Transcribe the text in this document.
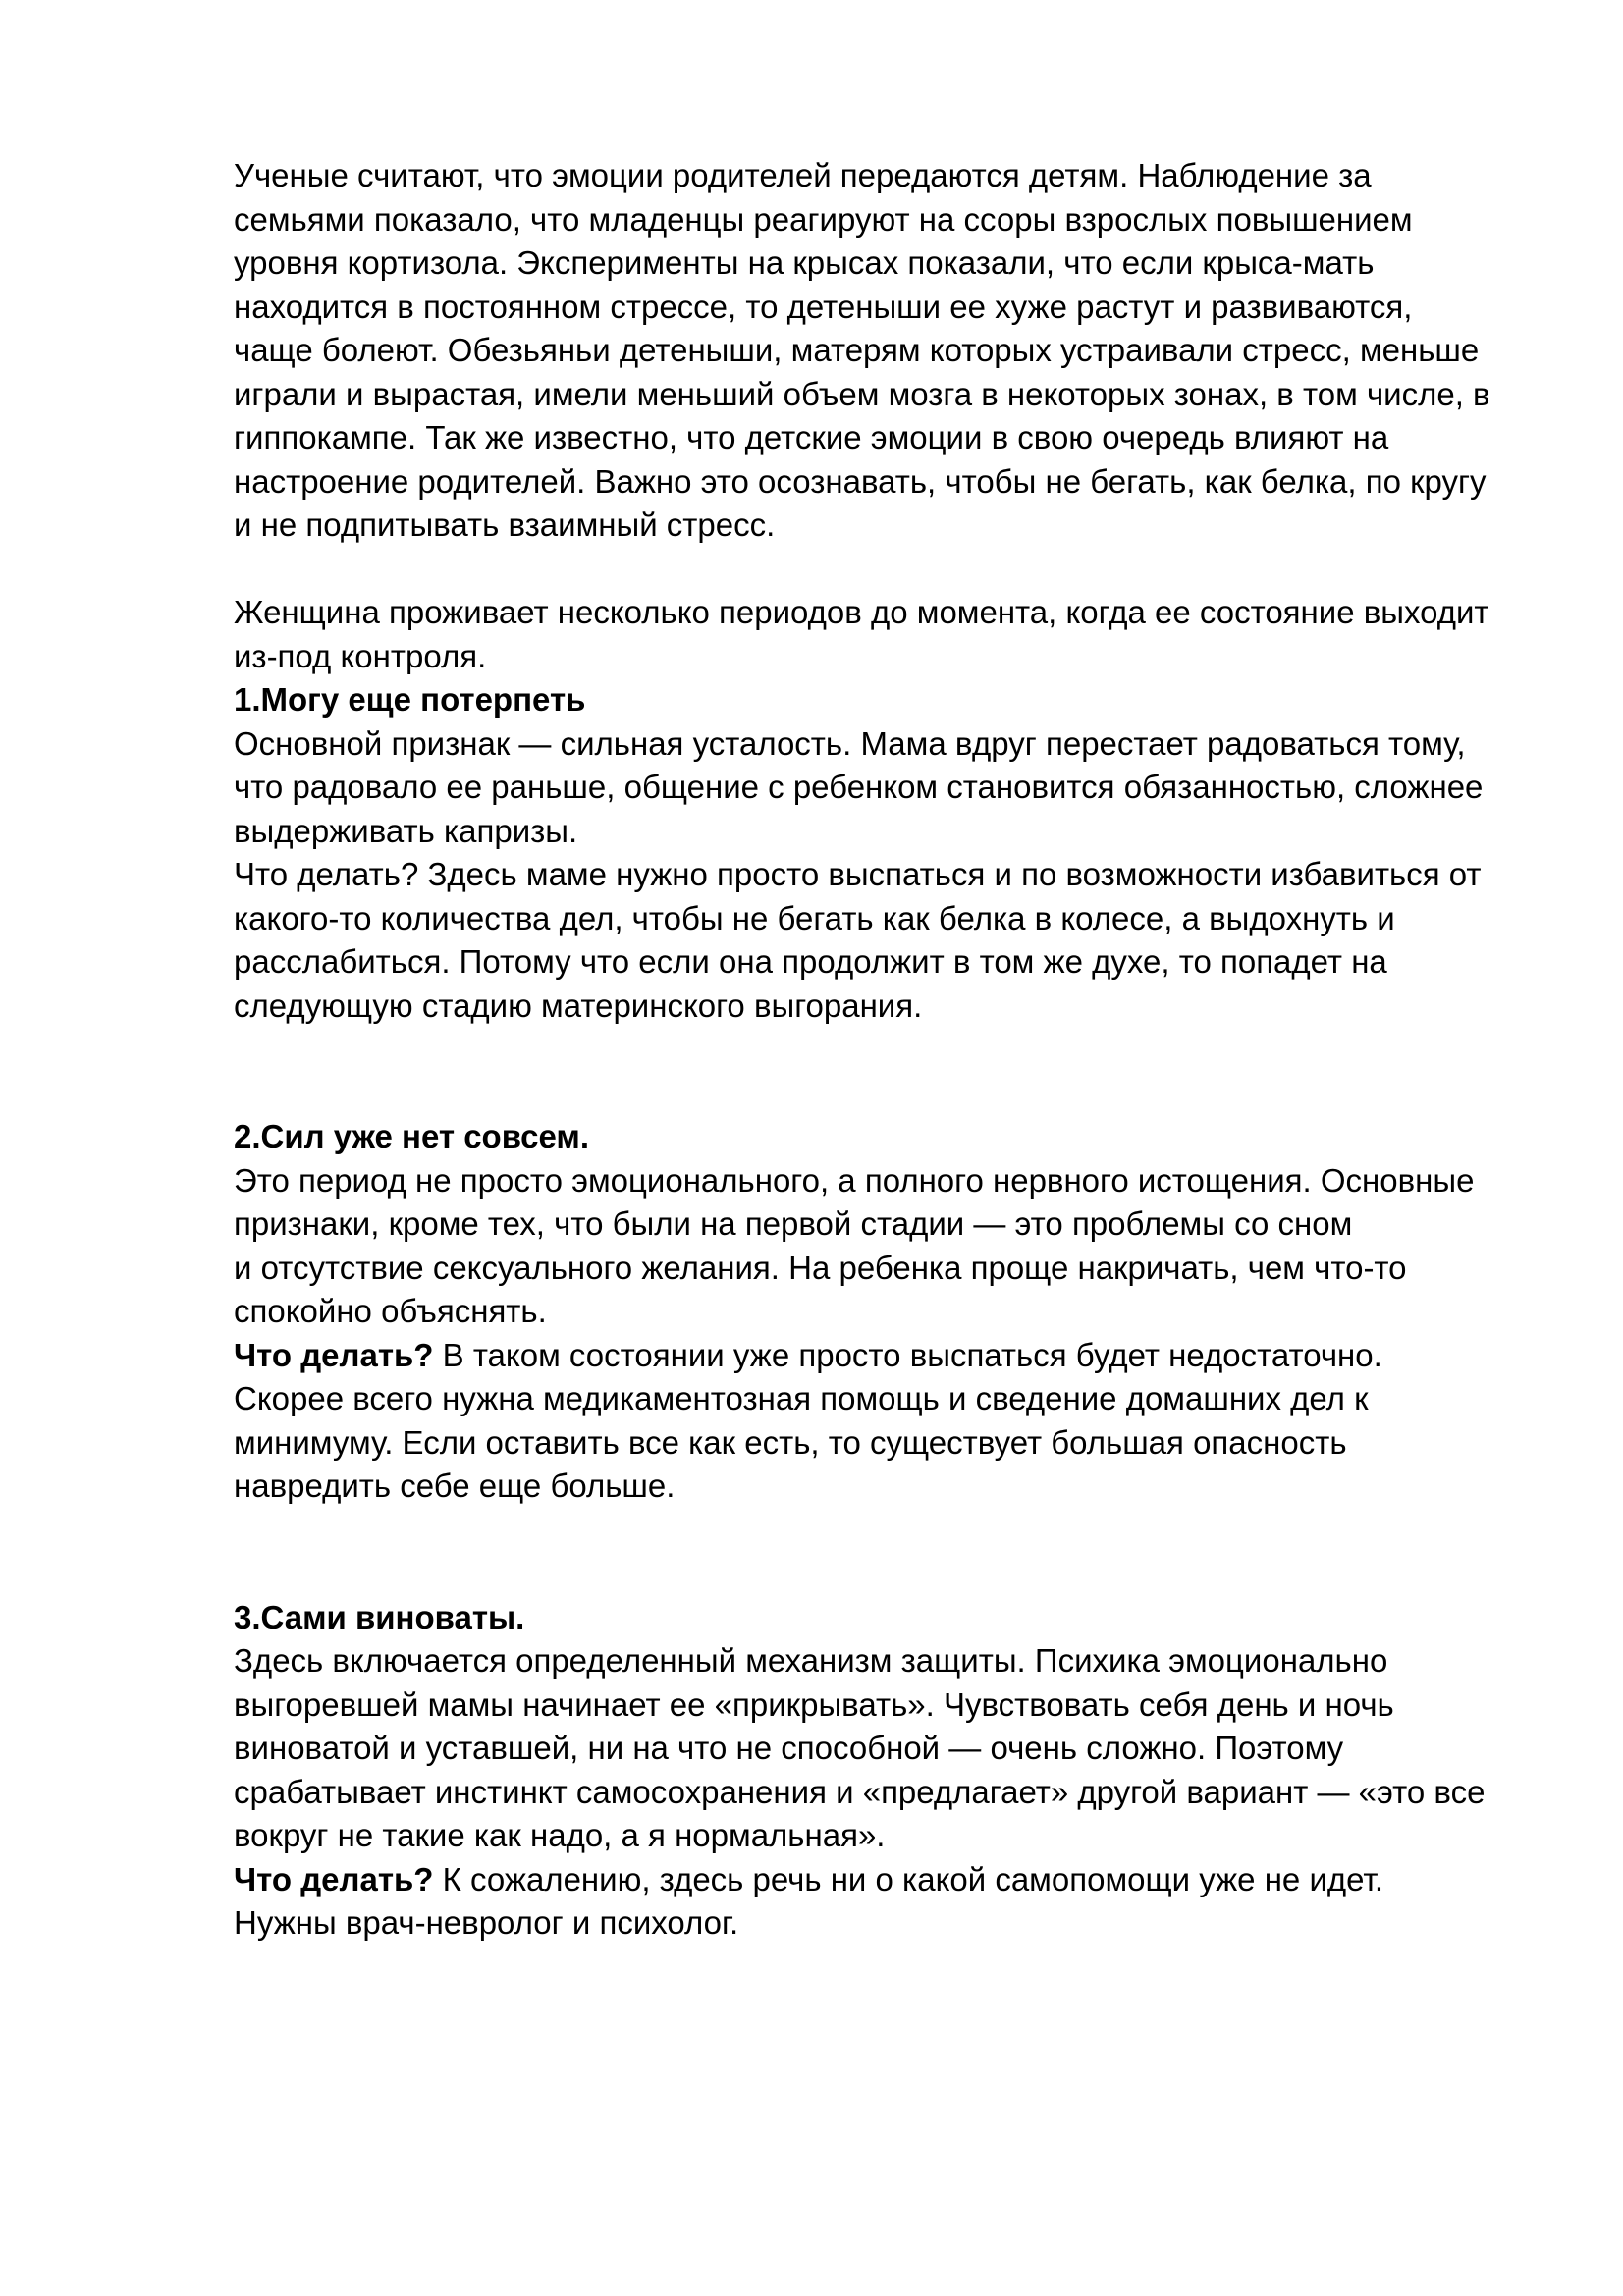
Ученые считают, что эмоции родителей передаются детям. Наблюдение за
семьями показало, что младенцы реагируют на ссоры взрослых повышением
уровня кортизола. Эксперименты на крысах показали, что если крыса-мать
находится в постоянном стрессе, то детеныши ее хуже растут и развиваются,
чаще болеют. Обезьяньи детеныши, матерям которых устраивали стресс, меньше
играли и вырастая, имели меньший объем мозга в некоторых зонах, в том числе, в
гиппокампе. Так же известно, что детские эмоции в свою очередь влияют на
настроение родителей. Важно это осознавать, чтобы не бегать, как белка, по кругу
и не подпитывать взаимный стресс.
Женщина проживает несколько периодов до момента, когда ее состояние выходит
из-под контроля.
1.Могу еще потерпеть
Основной признак — сильная усталость. Мама вдруг перестает радоваться тому,
что радовало ее раньше, общение с ребенком становится обязанностью, сложнее
выдерживать капризы.
Что делать? Здесь маме нужно просто выспаться и по возможности избавиться от
какого-то количества дел, чтобы не бегать как белка в колесе, а выдохнуть и
расслабиться. Потому что если она продолжит в том же духе, то попадет на
следующую стадию материнского выгорания.
2.Сил уже нет совсем.
Это период не просто эмоционального, а полного нервного истощения. Основные
признаки, кроме тех, что были на первой стадии — это проблемы со сном
и отсутствие сексуального желания. На ребенка проще накричать, чем что-то
спокойно объяснять.
Что делать? В таком состоянии уже просто выспаться будет недостаточно.
Скорее всего нужна медикаментозная помощь и сведение домашних дел к
минимуму. Если оставить все как есть, то существует большая опасность
навредить себе еще больше.
3.Сами виноваты.
Здесь включается определенный механизм защиты. Психика эмоционально
выгоревшей мамы начинает ее «прикрывать». Чувствовать себя день и ночь
виноватой и уставшей, ни на что не способной — очень сложно. Поэтому
срабатывает инстинкт самосохранения и «предлагает» другой вариант — «это все
вокруг не такие как надо, а я нормальная».
Что делать? К сожалению, здесь речь ни о какой самопомощи уже не идет.
Нужны врач-невролог и психолог.
